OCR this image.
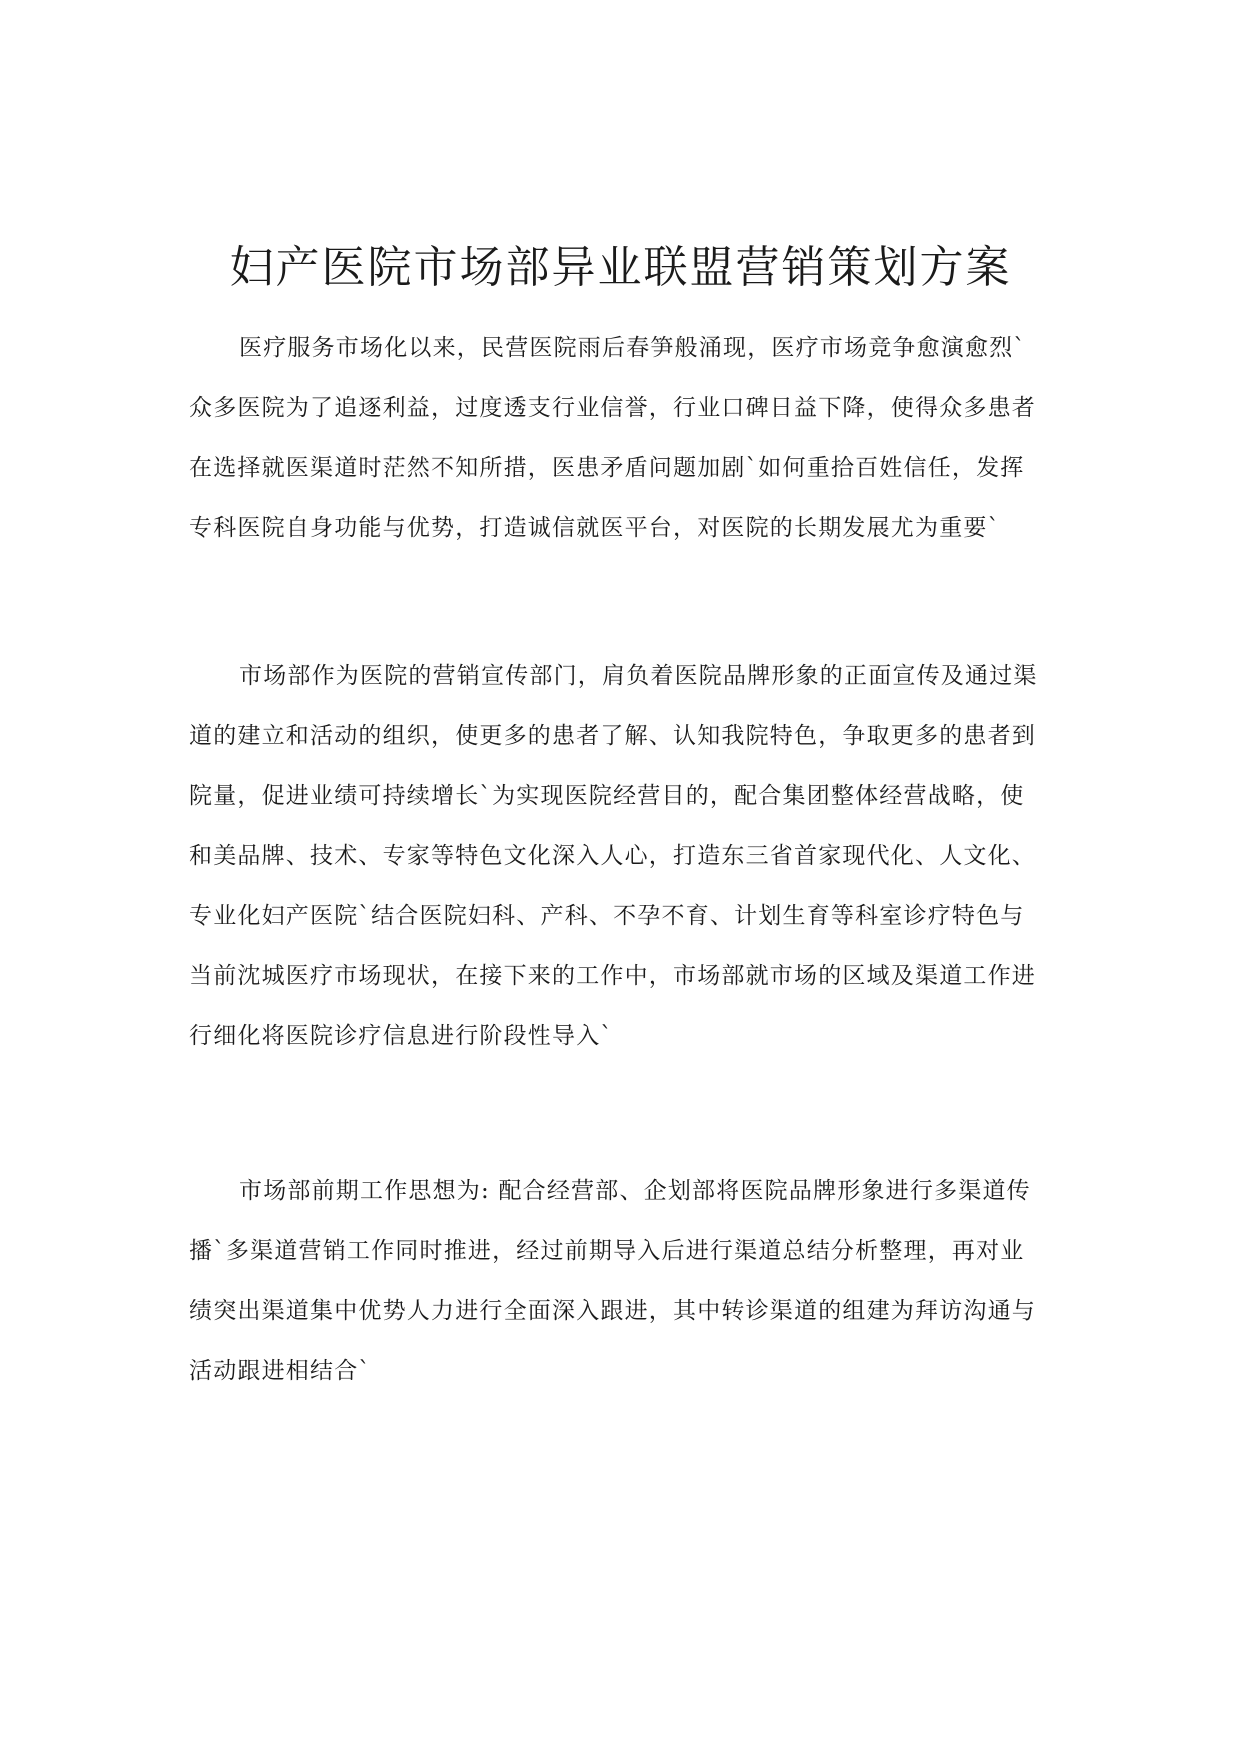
妇产医院市场部异业联盟营销策划方案
医疗服务市场化以来，民营医院雨后春笋般涌现，医疗市场竞争愈演愈烈`
众多医院为了追逐利益，过度透支行业信誉，行业口碑日益下降，使得众多患者
在选择就医渠道时茫然不知所措，医患矛盾问题加剧`如何重拾百姓信任，发挥
专科医院自身功能与优势，打造诚信就医平台，对医院的长期发展尤为重要`
市场部作为医院的营销宣传部门，肩负着医院品牌形象的正面宣传及通过渠
道的建立和活动的组织，使更多的患者了解、认知我院特色，争取更多的患者到
院量，促进业绩可持续增长`为实现医院经营目的，配合集团整体经营战略，使
和美品牌、技术、专家等特色文化深入人心，打造东三省首家现代化、人文化、
专业化妇产医院`结合医院妇科、产科、不孕不育、计划生育等科室诊疗特色与
当前沈城医疗市场现状，在接下来的工作中，市场部就市场的区域及渠道工作进
行细化将医院诊疗信息进行阶段性导入`
市场部前期工作思想为: 配合经营部、企划部将医院品牌形象进行多渠道传
播`多渠道营销工作同时推进，经过前期导入后进行渠道总结分析整理，再对业
绩突出渠道集中优势人力进行全面深入跟进，其中转诊渠道的组建为拜访沟通与
活动跟进相结合`
